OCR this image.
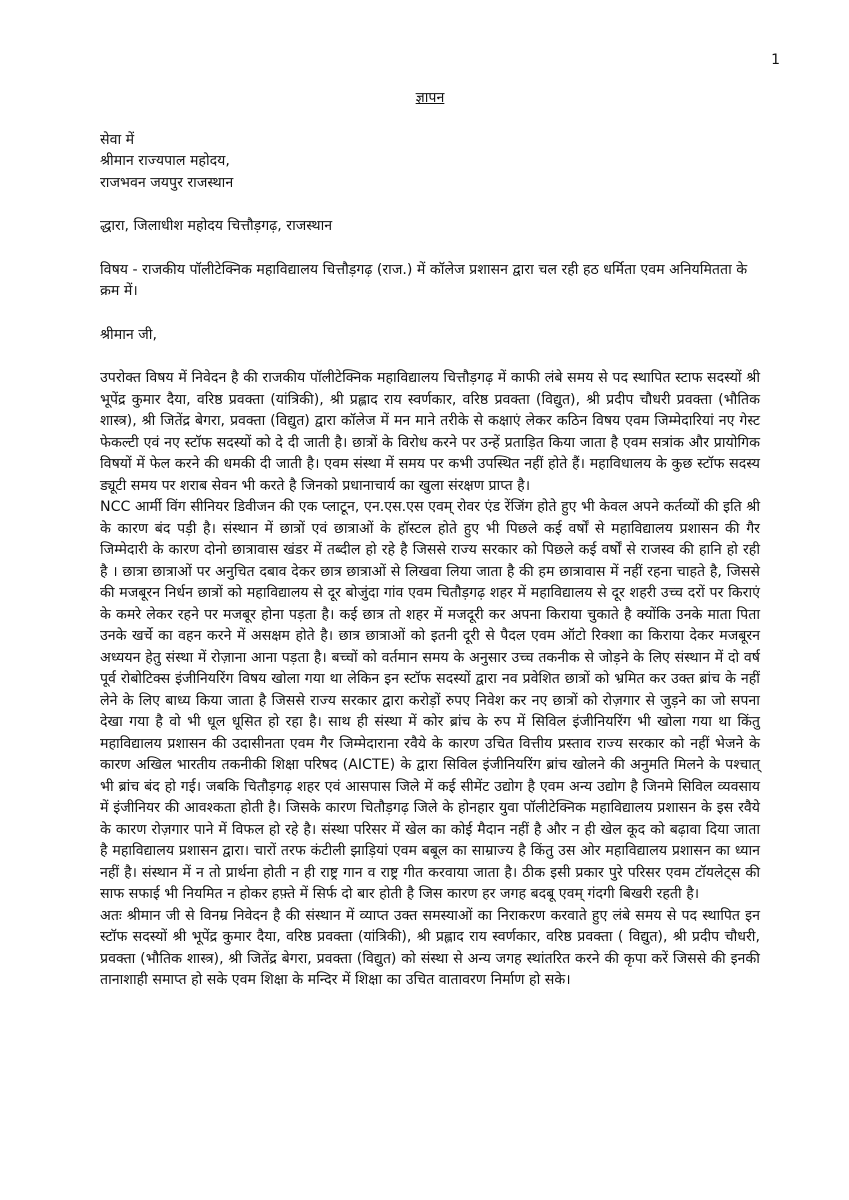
1
ज्ञापन

सेवा में

श्रीमान राज्यपाल महोदय,

राजभवन जयपुर राजस्थान

द्धारा, जिलाधीश महोदय चित्तौड़गढ़, राजस्थान

विषय - राजकीय पॉलीटेक्निक महाविद्यालय चित्तौड़गढ़ (राज.) में कॉलेज प्रशासन द्वारा चल रही हठ धर्मिता एवम अनियमितता के क्रम में।

श्रीमान जी,

उपरोक्त विषय में निवेदन है की राजकीय पॉलीटेक्निक महाविद्यालय चित्तौड़गढ़ में काफी लंबे समय से पद स्थापित स्टाफ सदस्यों श्री भूपेंद्र कुमार दैया, वरिष्ठ प्रवक्ता (यांत्रिकी), श्री प्रह्लाद राय स्वर्णकार, वरिष्ठ प्रवक्ता (विद्युत), श्री प्रदीप चौधरी प्रवक्ता (भौतिक शास्त्र), श्री जितेंद्र बेगरा, प्रवक्ता (विद्युत) द्वारा कॉलेज में मन माने तरीके से कक्षाएं लेकर कठिन विषय एवम जिम्मेदारियां नए गेस्ट फेकल्टी एवं नए स्टॉफ सदस्यों को दे दी जाती है। छात्रों के विरोध करने पर उन्हें प्रताड़ित किया जाता है एवम सत्रांक और प्रायोगिक विषयों में फेल करने की धमकी दी जाती है। एवम संस्था में समय पर कभी उपस्थित नहीं होते हैं। महाविधालय के कुछ स्टॉफ सदस्य ड्यूटी समय पर शराब सेवन भी करते है जिनको प्रधानाचार्य का खुला संरक्षण प्राप्त है।

NCC आर्मी विंग सीनियर डिवीजन की एक प्लाटून, एन.एस.एस एवम् रोवर एंड रेंजिंग होते हुए भी केवल अपने कर्तव्यों की इति श्री के कारण बंद पड़ी है। संस्थान में छात्रों एवं छात्राओं के हॉस्टल होते हुए भी पिछले कई वर्षों से महाविद्यालय प्रशासन की गैर जिम्मेदारी के कारण दोनो छात्रावास खंडर में तब्दील हो रहे है जिससे राज्य सरकार को पिछले कई वर्षों से राजस्व की हानि हो रही है । छात्रा छात्राओं पर अनुचित दबाव देकर छात्र छात्राओं से लिखवा लिया जाता है की हम छात्रावास में नहीं रहना चाहते है, जिससे की मजबूरन निर्धन छात्रों को महाविद्यालय से दूर बोजुंदा गांव एवम चितौड़गढ़ शहर में महाविद्यालय से दूर शहरी उच्च दरों पर किराएं के कमरे लेकर रहने पर मजबूर होना पड़ता है। कई छात्र तो शहर में मजदूरी कर अपना किराया चुकाते है क्योंकि उनके माता पिता उनके खर्चे का वहन करने में असक्षम होते है। छात्र छात्राओं को इतनी दूरी से पैदल एवम ऑटो रिक्शा का किराया देकर मजबूरन अध्ययन हेतु संस्था में रोज़ाना आना पड़ता है। बच्चों को वर्तमान समय के अनुसार उच्च तकनीक से जोड़ने के लिए संस्थान में दो वर्ष पूर्व रोबोटिक्स इंजीनियरिंग विषय खोला गया था लेकिन इन स्टॉफ सदस्यों द्वारा नव प्रवेशित छात्रों को भ्रमित कर उक्त ब्रांच के नहीं लेने के लिए बाध्य किया जाता है जिससे राज्य सरकार द्वारा करोड़ों रुपए निवेश कर नए छात्रों को रोज़गार से जुड़ने का जो सपना देखा गया है वो भी धूल धूसित हो रहा है। साथ ही संस्था में कोर ब्रांच के रुप में सिविल इंजीनियरिंग भी खोला गया था किंतु महाविद्यालय प्रशासन की उदासीनता एवम गैर जिम्मेदाराना रवैये के कारण उचित वित्तीय प्रस्ताव राज्य सरकार को नहीं भेजने के कारण अखिल भारतीय तकनीकी शिक्षा परिषद (AICTE) के द्वारा सिविल इंजीनियरिंग ब्रांच खोलने की अनुमति मिलने के पश्चात् भी ब्रांच बंद हो गई। जबकि चितौड़गढ़ शहर एवं आसपास जिले में कई सीमेंट उद्योग है एवम अन्य उद्योग है जिनमे सिविल व्यवसाय में इंजीनियर की आवश्कता होती है। जिसके कारण चितौड़गढ़ जिले के होनहार युवा पॉलीटेक्निक महाविद्यालय प्रशासन के इस रवैये के कारण रोज़गार पाने में विफल हो रहे है। संस्था परिसर में खेल का कोई मैदान नहीं है और न ही खेल कूद को बढ़ावा दिया जाता है महाविद्यालय प्रशासन द्वारा। चारों तरफ कंटीली झाड़ियां एवम बबूल का साम्राज्य है किंतु उस ओर महाविद्यालय प्रशासन का ध्यान नहीं है। संस्थान में न तो प्रार्थना होती न ही राष्ट्र गान व राष्ट्र गीत करवाया जाता है। ठीक इसी प्रकार पुरे परिसर एवम टॉयलेट्स की साफ सफाई भी नियमित न होकर हफ़्ते में सिर्फ दो बार होती है जिस कारण हर जगह बदबू एवम् गंदगी बिखरी रहती है।

अतः श्रीमान जी से विनम्र निवेदन है की संस्थान में व्याप्त उक्त समस्याओं का निराकरण करवाते हुए लंबे समय से पद स्थापित इन स्टॉफ सदस्यों श्री भूपेंद्र कुमार दैया, वरिष्ठ प्रवक्ता (यांत्रिकी), श्री प्रह्लाद राय स्वर्णकार, वरिष्ठ प्रवक्ता ( विद्युत), श्री प्रदीप चौधरी, प्रवक्ता (भौतिक शास्त्र), श्री जितेंद्र बेगरा, प्रवक्ता (विद्युत) को संस्था से अन्य जगह स्थांतरित करने की कृपा करें जिससे की इनकी तानाशाही समाप्त हो सके एवम शिक्षा के मन्दिर में शिक्षा का उचित वातावरण निर्माण हो सके।
